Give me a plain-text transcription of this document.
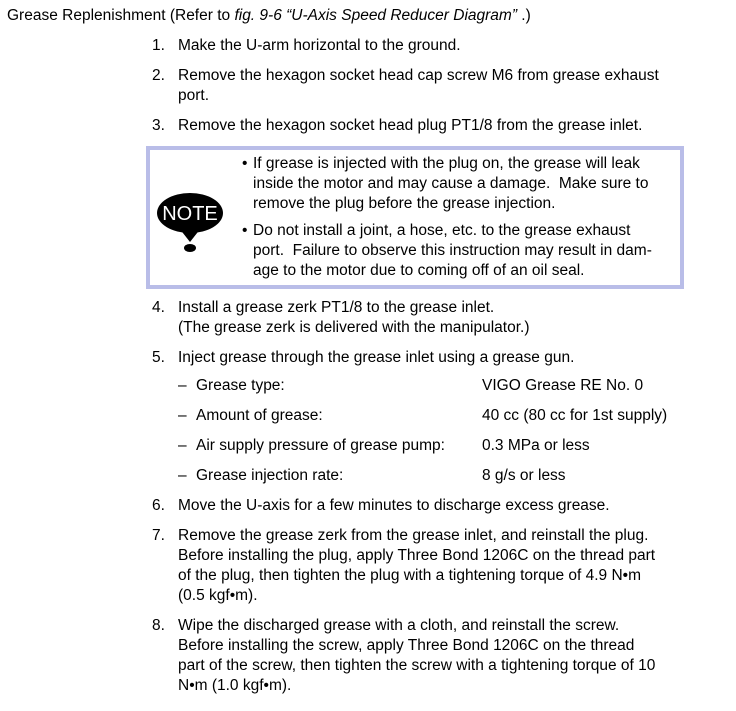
Grease Replenishment (Refer to fig. 9-6 “U-Axis Speed Reducer Diagram” .)
1. Make the U-arm horizontal to the ground.
2. Remove the hexagon socket head cap screw M6 from grease exhaust
port.
3. Remove the hexagon socket head plug PT1/8 from the grease inlet.
NOTE
• If grease is injected with the plug on, the grease will leak
inside the motor and may cause a damage.  Make sure to
remove the plug before the grease injection.
• Do not install a joint, a hose, etc. to the grease exhaust
port.  Failure to observe this instruction may result in dam-
age to the motor due to coming off of an oil seal.
4. Install a grease zerk PT1/8 to the grease inlet.
(The grease zerk is delivered with the manipulator.)
5. Inject grease through the grease inlet using a grease gun.
– Grease type:	VIGO Grease RE No. 0
– Amount of grease:	40 cc (80 cc for 1st supply)
– Air supply pressure of grease pump:	0.3 MPa or less
– Grease injection rate:	8 g/s or less
6. Move the U-axis for a few minutes to discharge excess grease.
7. Remove the grease zerk from the grease inlet, and reinstall the plug.
Before installing the plug, apply Three Bond 1206C on the thread part
of the plug, then tighten the plug with a tightening torque of 4.9 N•m
(0.5 kgf•m).
8. Wipe the discharged grease with a cloth, and reinstall the screw.
Before installing the screw, apply Three Bond 1206C on the thread
part of the screw, then tighten the screw with a tightening torque of 10
N•m (1.0 kgf•m).
